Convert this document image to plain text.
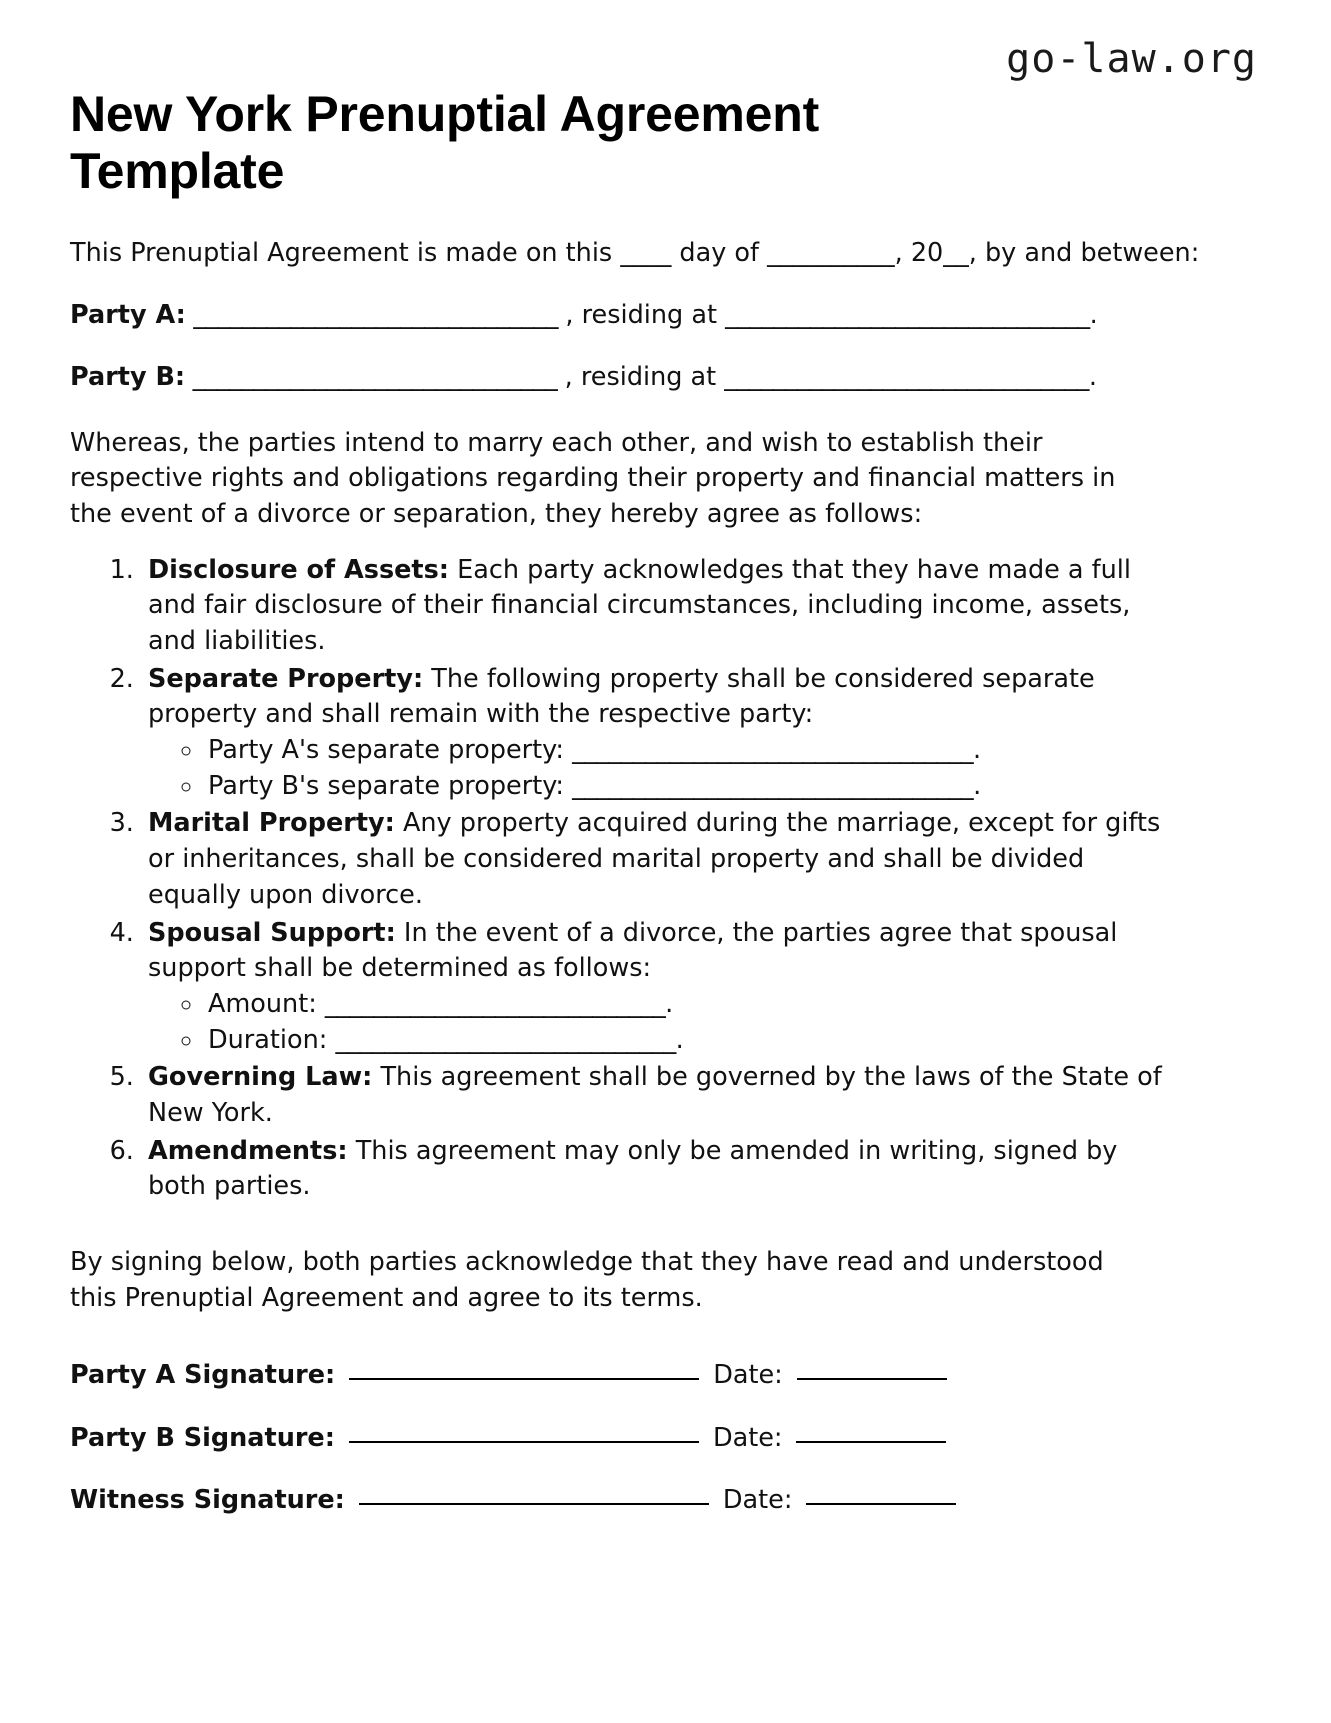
go-law.org
New York Prenuptial Agreement Template

This Prenuptial Agreement is made on this ____ day of __________, 20__, by and between:

Party A: ______________________________ , residing at ______________________________.

Party B: ______________________________ , residing at ______________________________.

Whereas, the parties intend to marry each other, and wish to establish their respective rights and obligations regarding their property and financial matters in the event of a divorce or separation, they hereby agree as follows:

1. Disclosure of Assets: Each party acknowledges that they have made a full and fair disclosure of their financial circumstances, including income, assets, and liabilities.
2. Separate Property: The following property shall be considered separate property and shall remain with the respective party:
◦ Party A's separate property: _________________________________.
◦ Party B's separate property: _________________________________.
3. Marital Property: Any property acquired during the marriage, except for gifts or inheritances, shall be considered marital property and shall be divided equally upon divorce.
4. Spousal Support: In the event of a divorce, the parties agree that spousal support shall be determined as follows:
◦ Amount: ____________________________.
◦ Duration: ____________________________.
5. Governing Law: This agreement shall be governed by the laws of the State of New York.
6. Amendments: This agreement may only be amended in writing, signed by both parties.

By signing below, both parties acknowledge that they have read and understood this Prenuptial Agreement and agree to its terms.

Party A Signature:	Date:
Party B Signature:	Date:
Witness Signature:	Date:
